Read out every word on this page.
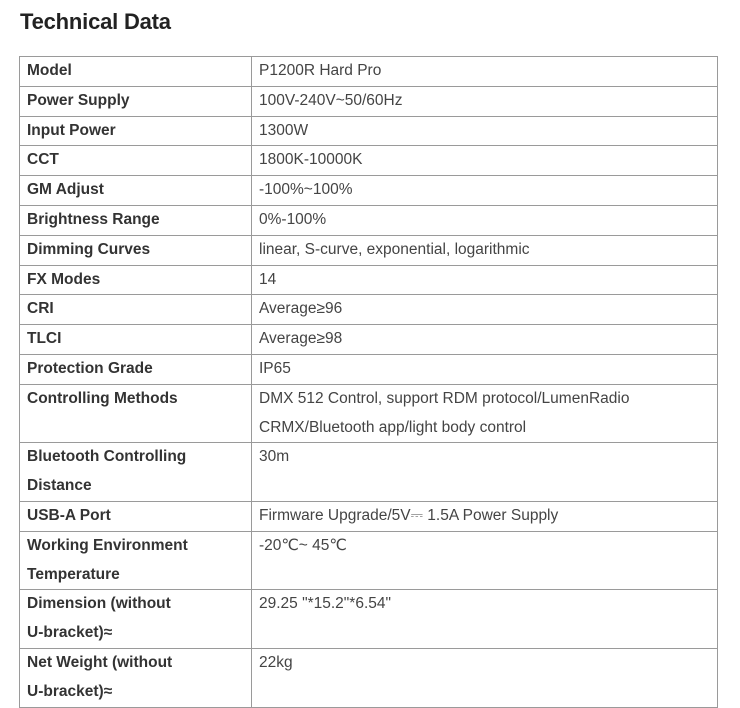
Technical Data
Model	P1200R Hard Pro

Power Supply	100V-240V~50/60Hz

Input Power	1300W

CCT	1800K-10000K

GM Adjust	-100%~100%

Brightness Range	0%-100%

Dimming Curves	linear, S-curve, exponential, logarithmic

FX Modes	14

CRI	Average≥96

TLCI	Average≥98

Protection Grade	IP65

Controlling Methods	DMX 512 Control, support RDM protocol/LumenRadio
CRMX/Bluetooth app/light body control

Bluetooth Controlling
Distance	30m

USB-A Port	Firmware Upgrade/5V⎓ 1.5A Power Supply

Working Environment
Temperature	-20℃~ 45℃

Dimension (without
U-bracket)≈	29.25 "*15.2"*6.54"

Net Weight (without
U-bracket)≈	22kg
